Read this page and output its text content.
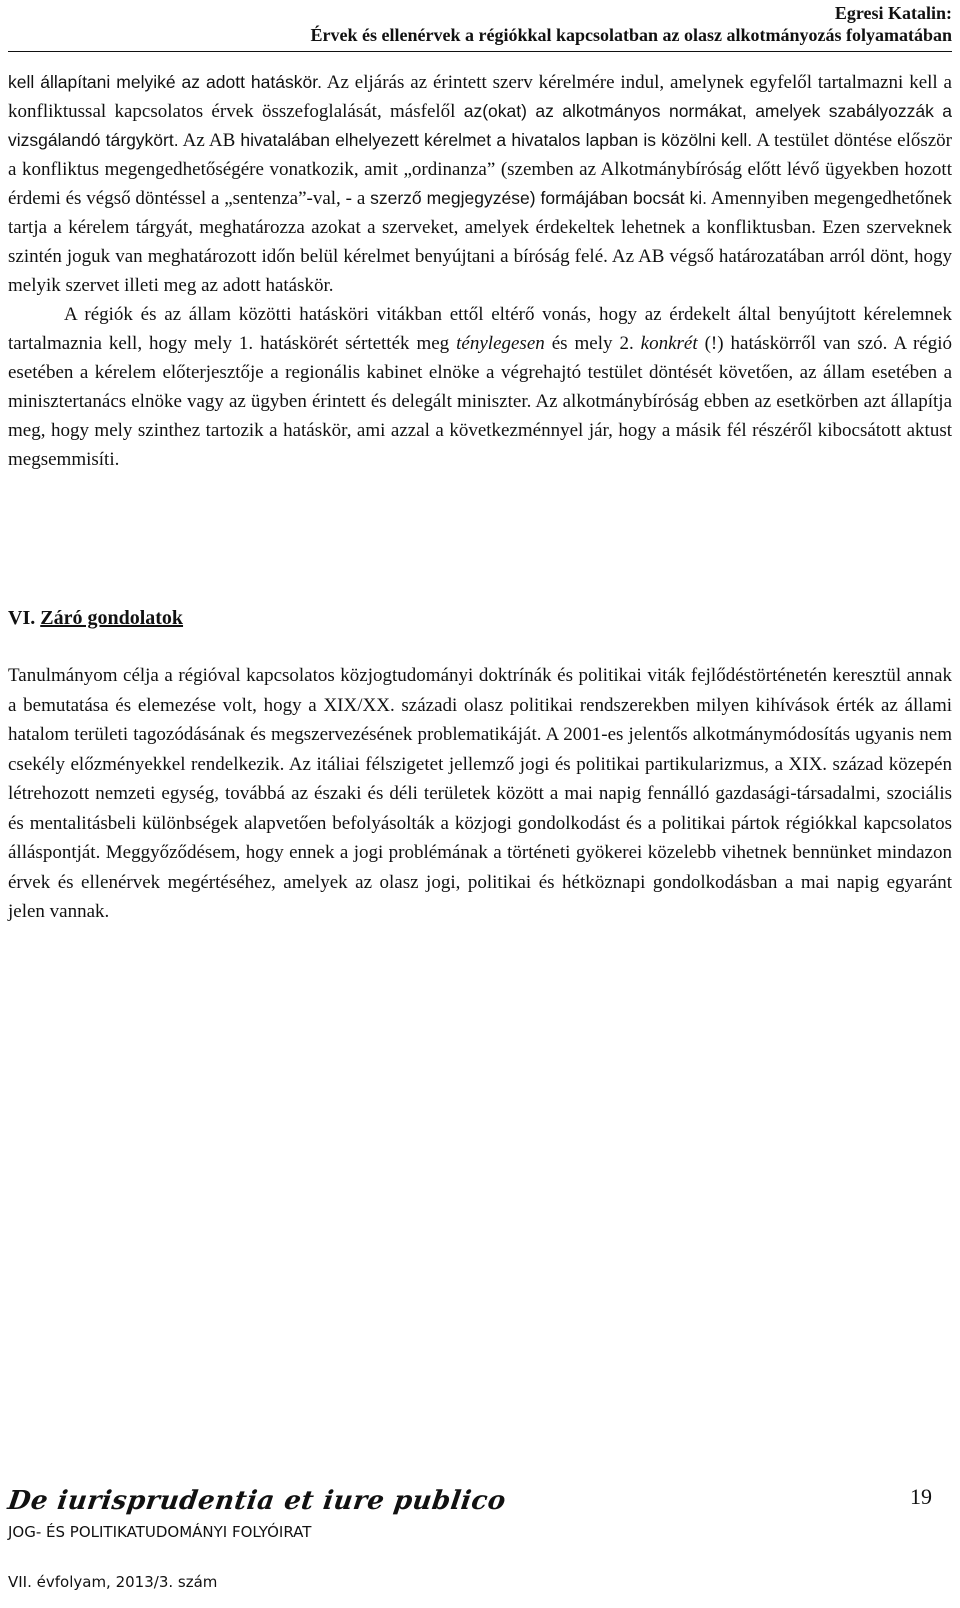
Egresi Katalin:
Érvek és ellenérvek a régiókkal kapcsolatban az olasz alkotmányozás folyamatában

kell állapítani melyiké az adott hatáskör. Az eljárás az érintett szerv kérelmére indul, amelynek egyfelől tartalmazni kell a konfliktussal kapcsolatos érvek összefoglalását, másfelől az(okat) az alkotmányos normákat, amelyek szabályozzák a vizsgálandó tárgykört. Az AB hivatalában elhelyezett kérelmet a hivatalos lapban is közölni kell. A testület döntése először a konfliktus megengedhetőségére vonatkozik, amit „ordinanza” (szemben az Alkotmánybíróság előtt lévő ügyekben hozott érdemi és végső döntéssel a „sentenza”-val, - a szerző megjegyzése) formájában bocsát ki. Amennyiben megengedhetőnek tartja a kérelem tárgyát, meghatározza azokat a szerveket, amelyek érdekeltek lehetnek a konfliktusban. Ezen szerveknek szintén joguk van meghatározott időn belül kérelmet benyújtani a bíróság felé. Az AB végső határozatában arról dönt, hogy melyik szervet illeti meg az adott hatáskör.

A régiók és az állam közötti hatásköri vitákban ettől eltérő vonás, hogy az érdekelt által benyújtott kérelemnek tartalmaznia kell, hogy mely 1. hatáskörét sértették meg ténylegesen és mely 2. konkrét (!) hatáskörről van szó. A régió esetében a kérelem előterjesztője a regionális kabinet elnöke a végrehajtó testület döntését követően, az állam esetében a minisztertanács elnöke vagy az ügyben érintett és delegált miniszter. Az alkotmánybíróság ebben az esetkörben azt állapítja meg, hogy mely szinthez tartozik a hatáskör, ami azzal a következménnyel jár, hogy a másik fél részéről kibocsátott aktust megsemmisíti.

VI. Záró gondolatok

Tanulmányom célja a régióval kapcsolatos közjogtudományi doktrínák és politikai viták fejlődéstörténetén keresztül annak a bemutatása és elemezése volt, hogy a XIX/XX. századi olasz politikai rendszerekben milyen kihívások érték az állami hatalom területi tagozódásának és megszervezésének problematikáját. A 2001-es jelentős alkotmánymódosítás ugyanis nem csekély előzményekkel rendelkezik. Az itáliai félszigetet jellemző jogi és politikai partikularizmus, a XIX. század közepén létrehozott nemzeti egység, továbbá az északi és déli területek között a mai napig fennálló gazdasági-társadalmi, szociális és mentalitásbeli különbségek alapvetően befolyásolták a közjogi gondolkodást és a politikai pártok régiókkal kapcsolatos álláspontját. Meggyőződésem, hogy ennek a jogi problémának a történeti gyökerei közelebb vihetnek bennünket mindazon érvek és ellenérvek megértéséhez, amelyek az olasz jogi, politikai és hétköznapi gondolkodásban a mai napig egyaránt jelen vannak.

De iurisprudentia et iure publico
JOG- ÉS POLITIKATUDOMÁNYI FOLYÓIRAT
VII. évfolyam, 2013/3. szám
19
